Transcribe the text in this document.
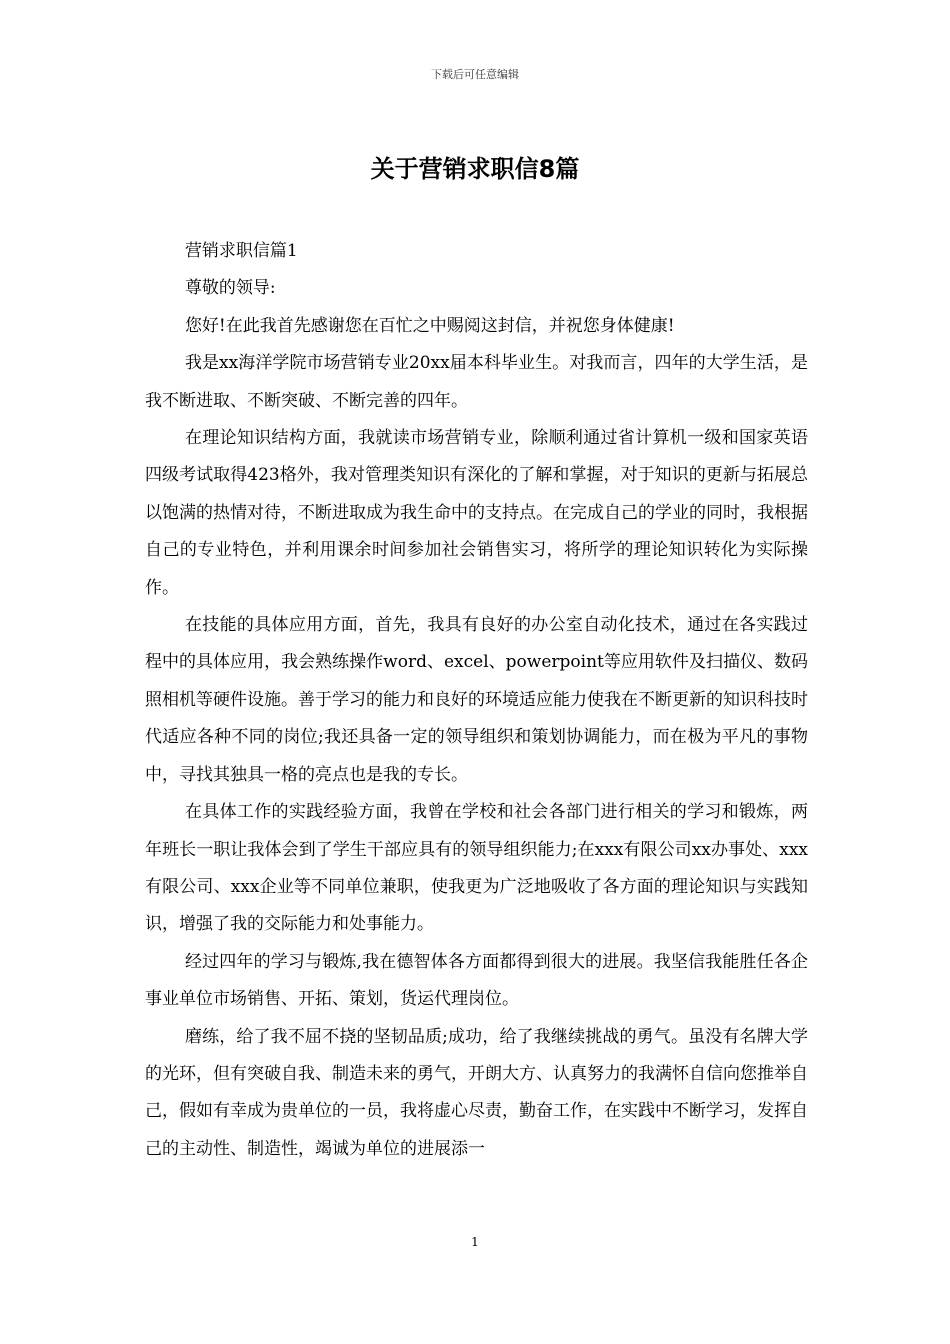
下载后可任意编辑
关于营销求职信8篇

营销求职信篇1

尊敬的领导:

您好!在此我首先感谢您在百忙之中赐阅这封信，并祝您身体健康!

我是xx海洋学院市场营销专业20xx届本科毕业生。对我而言，四年的大学生活，是我不断进取、不断突破、不断完善的四年。

在理论知识结构方面，我就读市场营销专业，除顺利通过省计算机一级和国家英语四级考试取得423格外，我对管理类知识有深化的了解和掌握，对于知识的更新与拓展总以饱满的热情对待，不断进取成为我生命中的支持点。在完成自己的学业的同时，我根据自己的专业特色，并利用课余时间参加社会销售实习，将所学的理论知识转化为实际操作。

在技能的具体应用方面，首先，我具有良好的办公室自动化技术，通过在各实践过程中的具体应用，我会熟练操作word、excel、powerpoint等应用软件及扫描仪、数码照相机等硬件设施。善于学习的能力和良好的环境适应能力使我在不断更新的知识科技时代适应各种不同的岗位;我还具备一定的领导组织和策划协调能力，而在极为平凡的事物中，寻找其独具一格的亮点也是我的专长。

在具体工作的实践经验方面，我曾在学校和社会各部门进行相关的学习和锻炼，两年班长一职让我体会到了学生干部应具有的领导组织能力;在xxx有限公司xx办事处、xxx有限公司、xxx企业等不同单位兼职，使我更为广泛地吸收了各方面的理论知识与实践知识，增强了我的交际能力和处事能力。

经过四年的学习与锻炼,我在德智体各方面都得到很大的进展。我坚信我能胜任各企事业单位市场销售、开拓、策划，货运代理岗位。

磨练，给了我不屈不挠的坚韧品质;成功，给了我继续挑战的勇气。虽没有名牌大学的光环，但有突破自我、制造未来的勇气，开朗大方、认真努力的我满怀自信向您推举自己，假如有幸成为贵单位的一员，我将虚心尽责，勤奋工作，在实践中不断学习，发挥自己的主动性、制造性，竭诚为单位的进展添一

1
